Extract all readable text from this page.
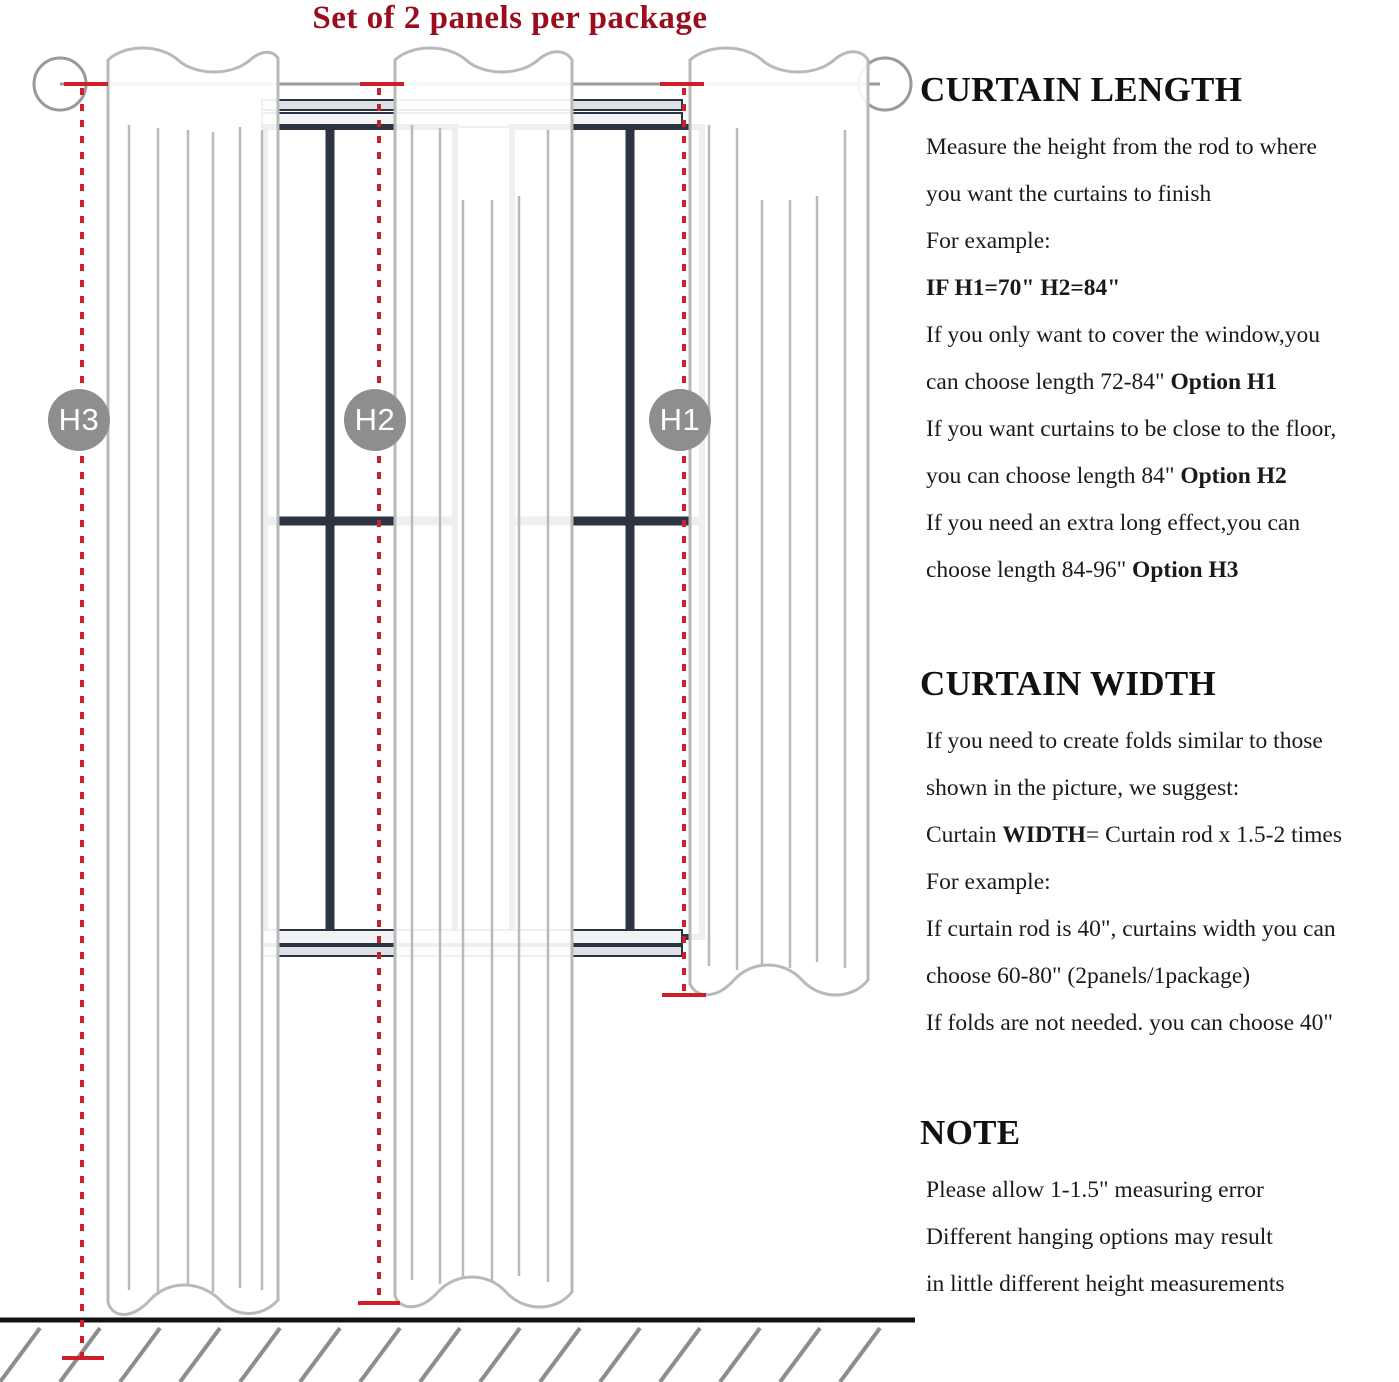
Set of 2 panels per package
H3	H2	H1
CURTAIN LENGTH

Measure the height from the rod to where

you want the curtains to finish

For example:

IF H1=70" H2=84"

If you only want to cover the window,you

can choose length 72-84" Option H1

If you want curtains to be close to the floor,

you can choose length 84" Option H2

If you need an extra long effect,you can

choose length 84-96" Option H3

CURTAIN WIDTH

If you need to create folds similar to those

shown in the picture, we suggest:

Curtain WIDTH= Curtain rod x 1.5-2 times

For example:

If curtain rod is 40", curtains width you can

choose 60-80" (2panels/1package)

If folds are not needed. you can choose 40"

NOTE

Please allow 1-1.5" measuring error

Different hanging options may result

in little different height measurements
